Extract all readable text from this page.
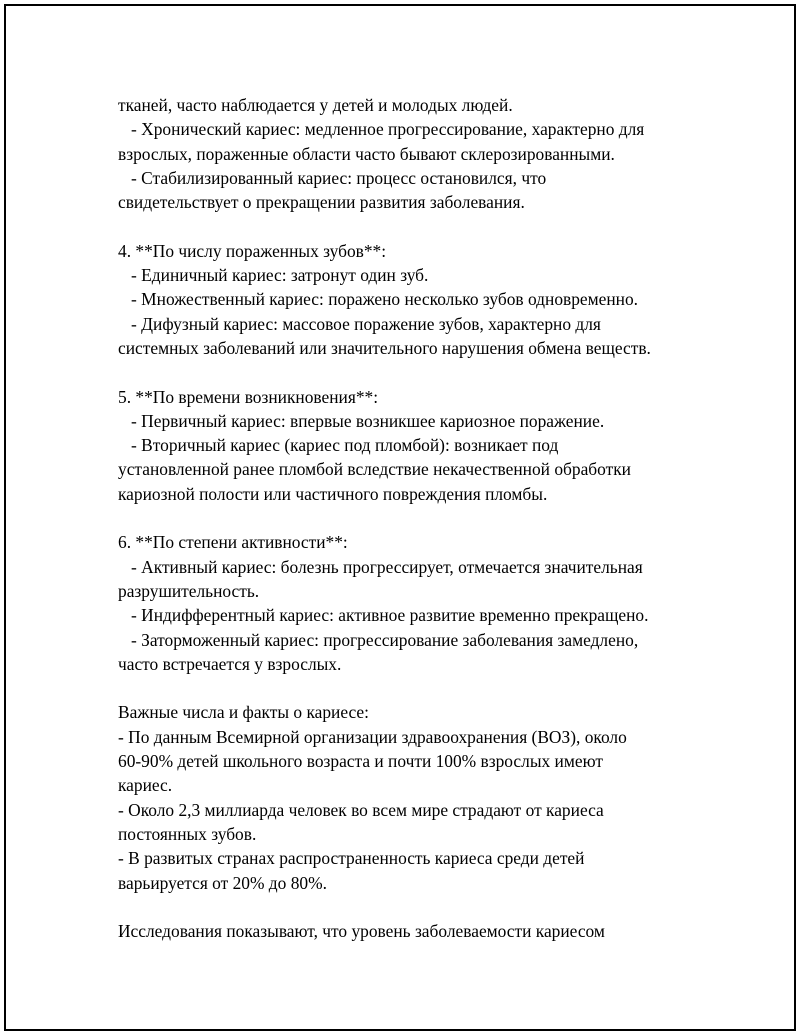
тканей, часто наблюдается у детей и молодых людей.
- Хронический кариес: медленное прогрессирование, характерно для
взрослых, пораженные области часто бывают склерозированными.
- Стабилизированный кариес: процесс остановился, что
свидетельствует о прекращении развития заболевания.
4. **По числу пораженных зубов**:
- Единичный кариес: затронут один зуб.
- Множественный кариес: поражено несколько зубов одновременно.
- Дифузный кариес: массовое поражение зубов, характерно для
системных заболеваний или значительного нарушения обмена веществ.
5. **По времени возникновения**:
- Первичный кариес: впервые возникшее кариозное поражение.
- Вторичный кариес (кариес под пломбой): возникает под
установленной ранее пломбой вследствие некачественной обработки
кариозной полости или частичного повреждения пломбы.
6. **По степени активности**:
- Активный кариес: болезнь прогрессирует, отмечается значительная
разрушительность.
- Индифферентный кариес: активное развитие временно прекращено.
- Заторможенный кариес: прогрессирование заболевания замедлено,
часто встречается у взрослых.
Важные числа и факты о кариесе:
- По данным Всемирной организации здравоохранения (ВОЗ), около
60-90% детей школьного возраста и почти 100% взрослых имеют
кариес.
- Около 2,3 миллиарда человек во всем мире страдают от кариеса
постоянных зубов.
- В развитых странах распространенность кариеса среди детей
варьируется от 20% до 80%.
Исследования показывают, что уровень заболеваемости кариесом
